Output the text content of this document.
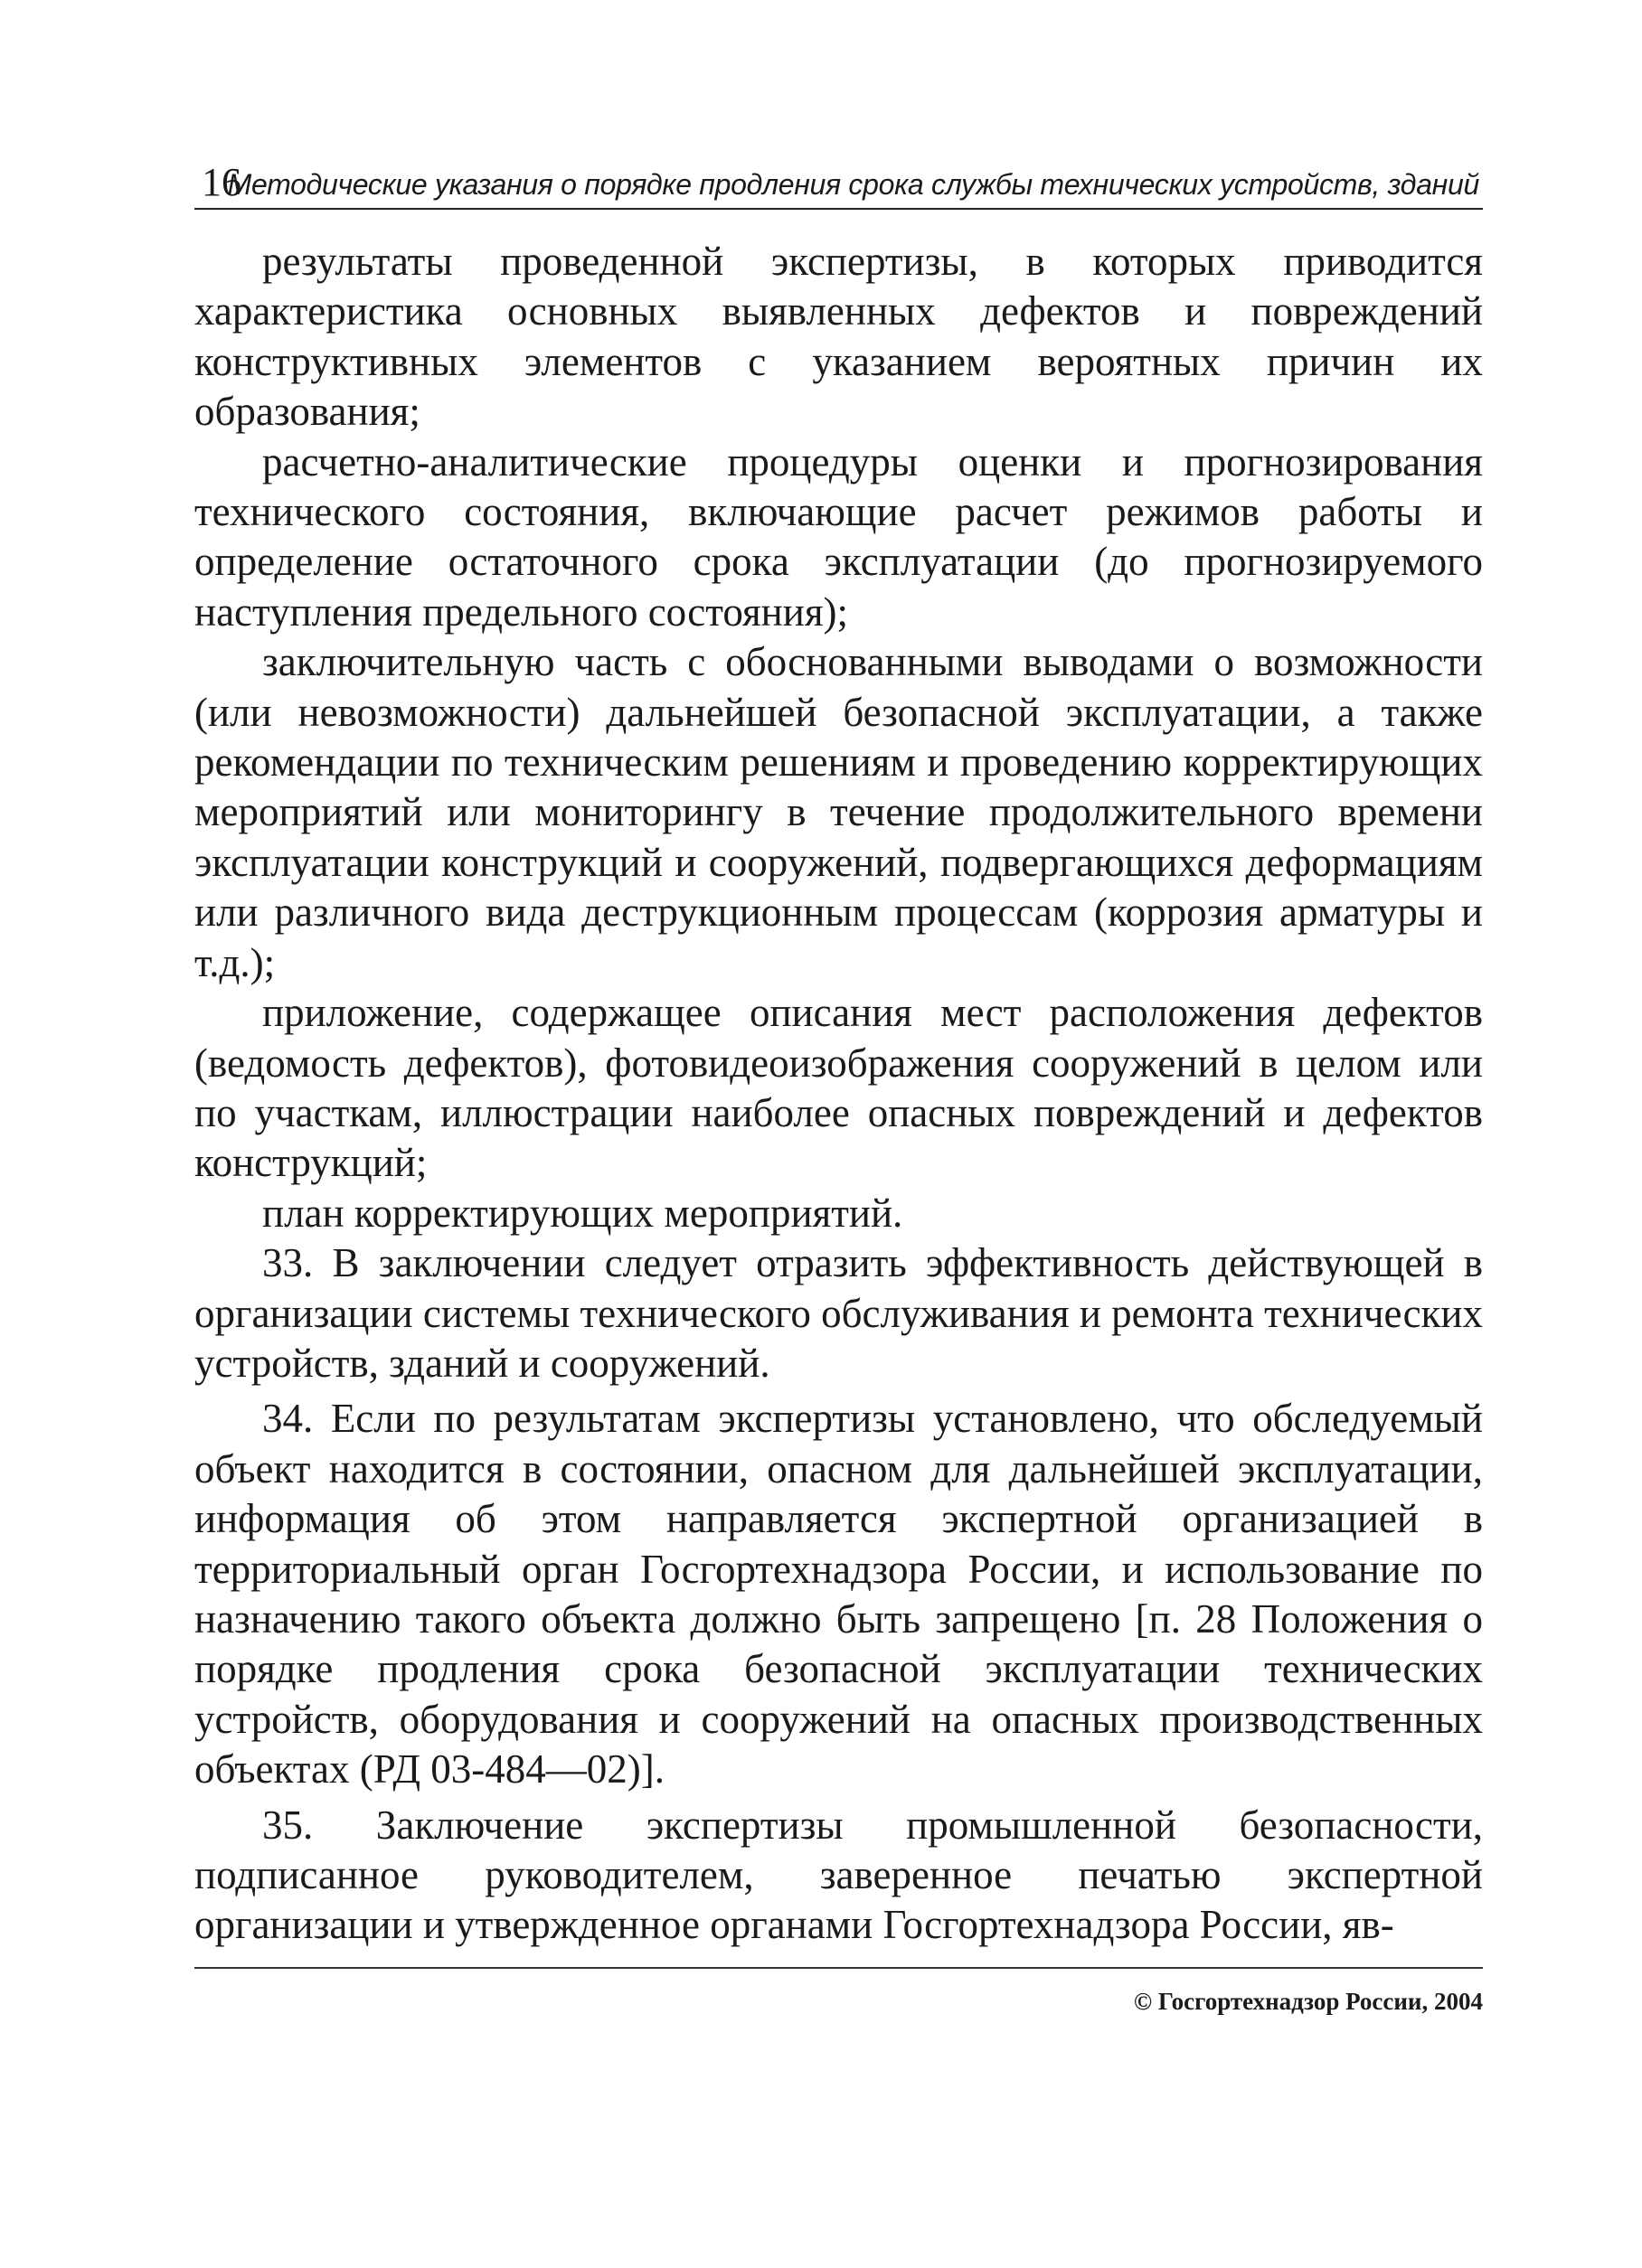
16
Методические указания о порядке продления срока службы технических устройств, зданий

результаты проведенной экспертизы, в которых приводится характеристика основных выявленных дефектов и повреждений конструктивных элементов с указанием вероятных причин их образования;

расчетно-аналитические процедуры оценки и прогнозирования технического состояния, включающие расчет режимов работы и определение остаточного срока эксплуатации (до прогнозируемого наступления предельного состояния);

заключительную часть с обоснованными выводами о возможности (или невозможности) дальнейшей безопасной эксплуатации, а также рекомендации по техническим решениям и проведению корректирующих мероприятий или мониторингу в течение продолжительного времени эксплуатации конструкций и сооружений, подвергающихся деформациям или различного вида деструкционным процессам (коррозия арматуры и т.д.);

приложение, содержащее описания мест расположения дефектов (ведомость дефектов), фотовидеоизображения сооружений в целом или по участкам, иллюстрации наиболее опасных повреждений и дефектов конструкций;

план корректирующих мероприятий.

33. В заключении следует отразить эффективность действующей в организации системы технического обслуживания и ремонта технических устройств, зданий и сооружений.

34. Если по результатам экспертизы установлено, что обследуемый объект находится в состоянии, опасном для дальнейшей эксплуатации, информация об этом направляется экспертной организацией в территориальный орган Госгортехнадзора России, и использование по назначению такого объекта должно быть запрещено [п. 28 Положения о порядке продления срока безопасной эксплуатации технических устройств, оборудования и сооружений на опасных производственных объектах (РД 03-484—02)].

35. Заключение экспертизы промышленной безопасности, подписанное руководителем, заверенное печатью экспертной организации и утвержденное органами Госгортехнадзора России, яв-

© Госгортехнадзор России, 2004
